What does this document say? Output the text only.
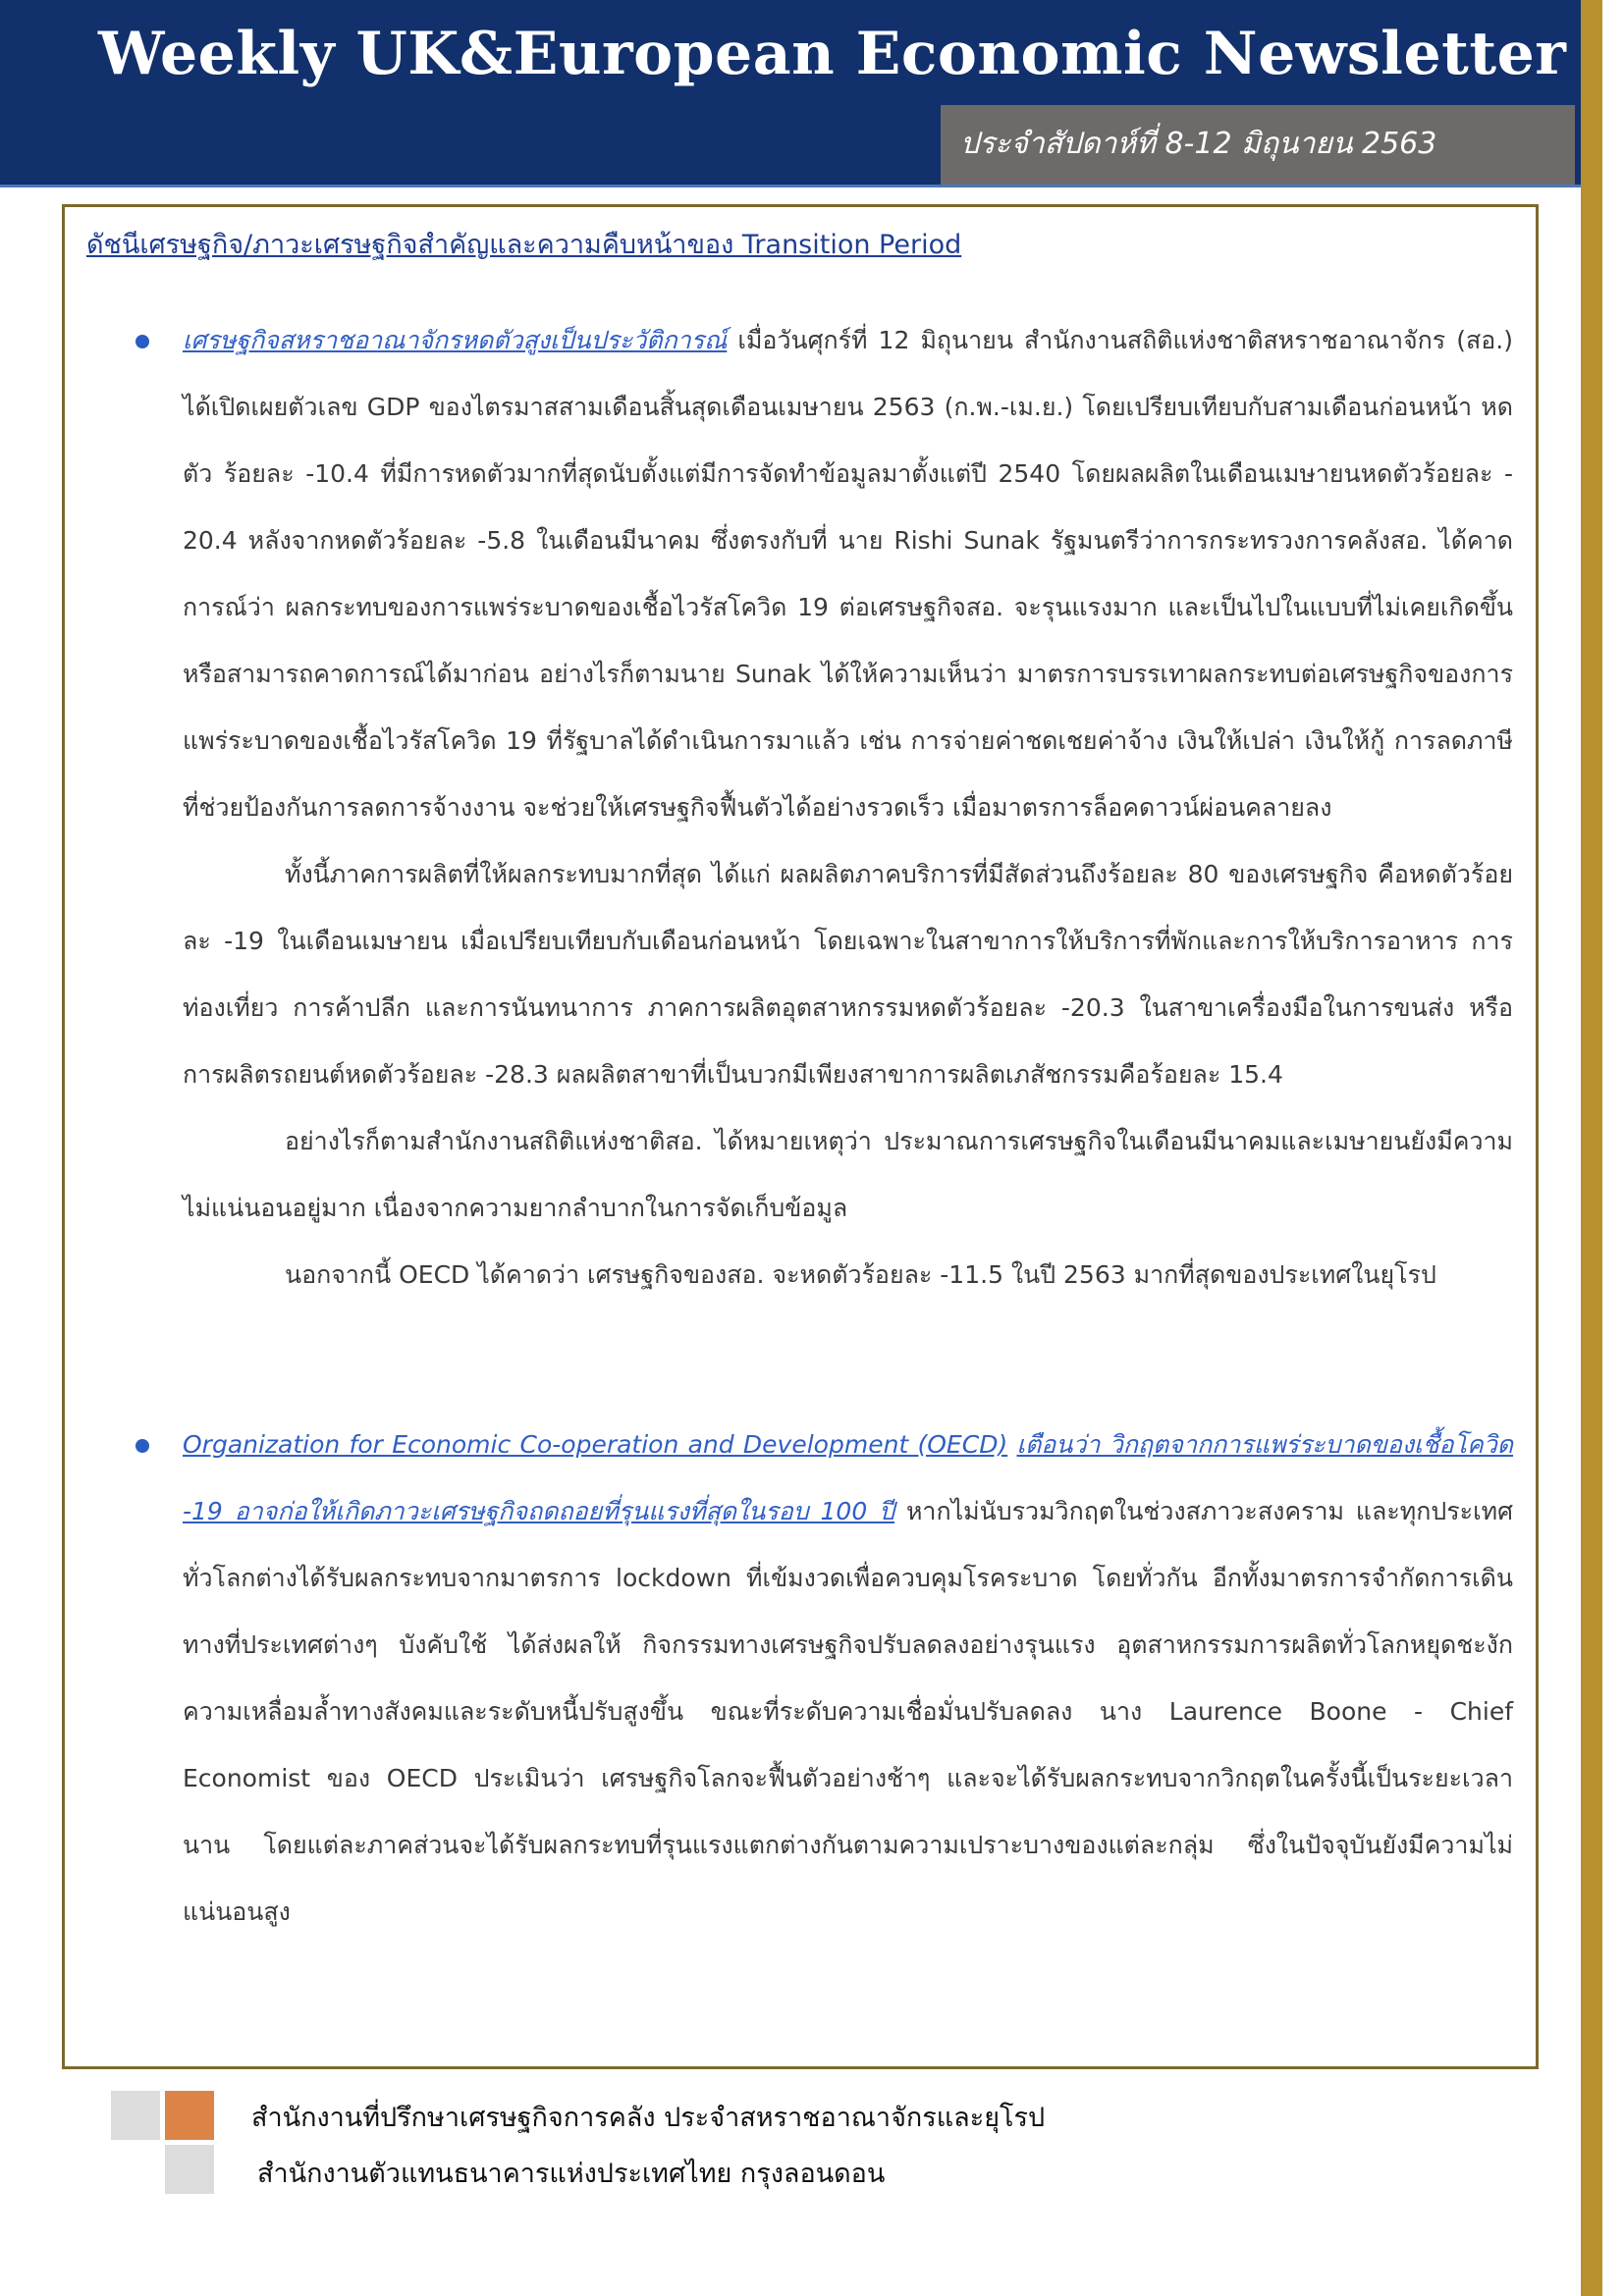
Weekly UK&European Economic Newsletter
ประจำสัปดาห์ที่ 8-12 มิถุนายน 2563
ดัชนีเศรษฐกิจ/ภาวะเศรษฐกิจสำคัญและความคืบหน้าของ Transition Period

เศรษฐกิจสหราชอาณาจักรหดตัวสูงเป็นประวัติการณ์ เมื่อวันศุกร์ที่ 12 มิถุนายน สำนักงานสถิติแห่งชาติสหราชอาณาจักร (สอ.) ได้เปิดเผยตัวเลข GDP ของไตรมาสสามเดือนสิ้นสุดเดือนเมษายน 2563 (ก.พ.-เม.ย.) โดยเปรียบเทียบกับสามเดือนก่อนหน้า หดตัว ร้อยละ -10.4 ที่มีการหดตัวมากที่สุดนับตั้งแต่มีการจัดทำข้อมูลมาตั้งแต่ปี 2540 โดยผลผลิตในเดือนเมษายนหดตัวร้อยละ - 20.4 หลังจากหดตัวร้อยละ -5.8 ในเดือนมีนาคม ซึ่งตรงกับที่ นาย Rishi Sunak รัฐมนตรีว่าการกระทรวงการคลังสอ. ได้คาดการณ์ว่า ผลกระทบของการแพร่ระบาดของเชื้อไวรัสโควิด 19 ต่อเศรษฐกิจสอ. จะรุนแรงมาก และเป็นไปในแบบที่ไม่เคยเกิดขึ้นหรือสามารถคาดการณ์ได้มาก่อน อย่างไรก็ตามนาย Sunak ได้ให้ความเห็นว่า มาตรการบรรเทาผลกระทบต่อเศรษฐกิจของการแพร่ระบาดของเชื้อไวรัสโควิด 19 ที่รัฐบาลได้ดำเนินการมาแล้ว เช่น การจ่ายค่าชดเชยค่าจ้าง เงินให้เปล่า เงินให้กู้ การลดภาษี ที่ช่วยป้องกันการลดการจ้างงาน จะช่วยให้เศรษฐกิจฟื้นตัวได้อย่างรวดเร็ว เมื่อมาตรการล็อคดาวน์ผ่อนคลายลง

ทั้งนี้ภาคการผลิตที่ให้ผลกระทบมากที่สุด ได้แก่ ผลผลิตภาคบริการที่มีสัดส่วนถึงร้อยละ 80 ของเศรษฐกิจ คือหดตัวร้อยละ -19 ในเดือนเมษายน เมื่อเปรียบเทียบกับเดือนก่อนหน้า โดยเฉพาะในสาขาการให้บริการที่พักและการให้บริการอาหาร การท่องเที่ยว การค้าปลีก และการนันทนาการ ภาคการผลิตอุตสาหกรรมหดตัวร้อยละ -20.3 ในสาขาเครื่องมือในการขนส่ง หรือการผลิตรถยนต์หดตัวร้อยละ -28.3 ผลผลิตสาขาที่เป็นบวกมีเพียงสาขาการผลิตเภสัชกรรมคือร้อยละ 15.4

อย่างไรก็ตามสำนักงานสถิติแห่งชาติสอ. ได้หมายเหตุว่า ประมาณการเศรษฐกิจในเดือนมีนาคมและเมษายนยังมีความไม่แน่นอนอยู่มาก เนื่องจากความยากลำบากในการจัดเก็บข้อมูล

นอกจากนี้ OECD ได้คาดว่า เศรษฐกิจของสอ. จะหดตัวร้อยละ -11.5 ในปี 2563 มากที่สุดของประเทศในยุโรป

Organization for Economic Co-operation and Development (OECD) เตือนว่า วิกฤตจากการแพร่ระบาดของเชื้อโควิด -19 อาจก่อให้เกิดภาวะเศรษฐกิจถดถอยที่รุนแรงที่สุดในรอบ 100 ปี หากไม่นับรวมวิกฤตในช่วงสภาวะสงคราม และทุกประเทศทั่วโลกต่างได้รับผลกระทบจากมาตรการ lockdown ที่เข้มงวดเพื่อควบคุมโรคระบาด โดยทั่วกัน อีกทั้งมาตรการจำกัดการเดินทางที่ประเทศต่างๆ บังคับใช้ ได้ส่งผลให้ กิจกรรมทางเศรษฐกิจปรับลดลงอย่างรุนแรง อุตสาหกรรมการผลิตทั่วโลกหยุดชะงัก ความเหลื่อมล้ำทางสังคมและระดับหนี้ปรับสูงขึ้น ขณะที่ระดับความเชื่อมั่นปรับลดลง นาง Laurence Boone - Chief Economist ของ OECD ประเมินว่า เศรษฐกิจโลกจะฟื้นตัวอย่างช้าๆ และจะได้รับผลกระทบจากวิกฤตในครั้งนี้เป็นระยะเวลานาน โดยแต่ละภาคส่วนจะได้รับผลกระทบที่รุนแรงแตกต่างกันตามความเปราะบางของแต่ละกลุ่ม ซึ่งในปัจจุบันยังมีความไม่แน่นอนสูง

สำนักงานที่ปรึกษาเศรษฐกิจการคลัง ประจำสหราชอาณาจักรและยุโรป
สำนักงานตัวแทนธนาคารแห่งประเทศไทย กรุงลอนดอน
